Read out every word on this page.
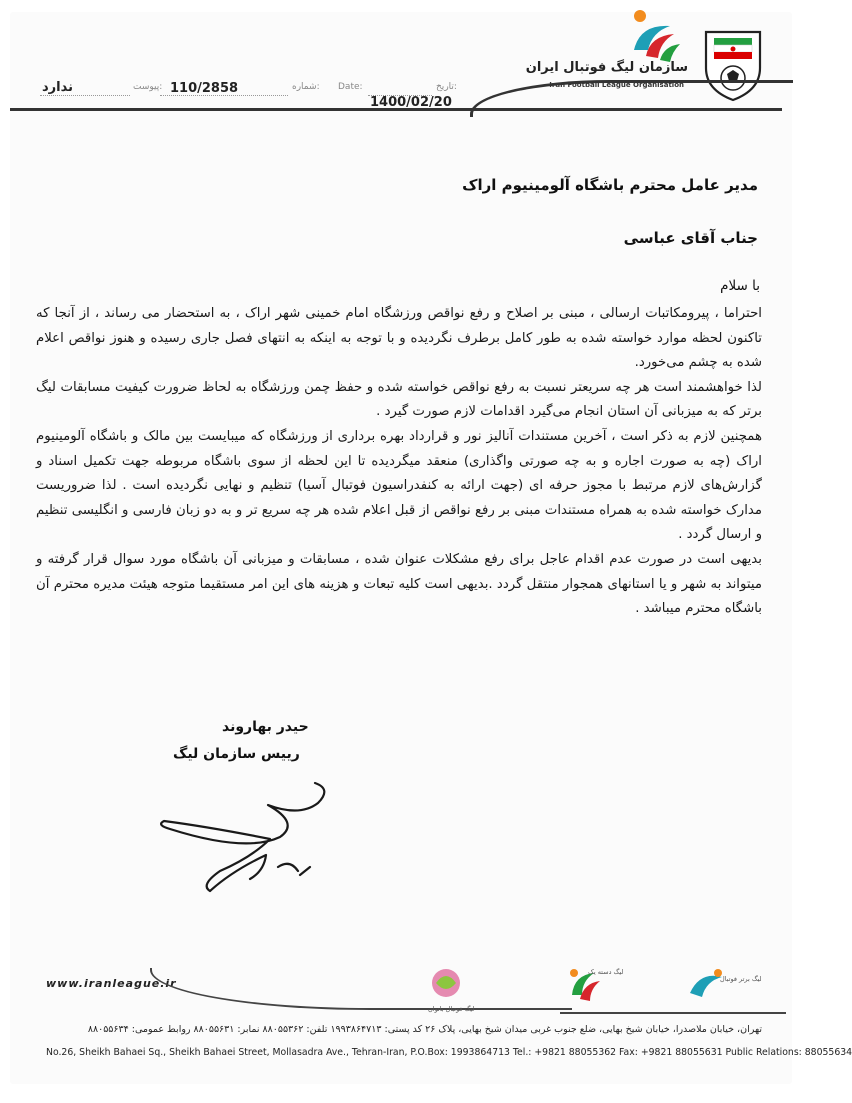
سازمان لیگ فوتبال ایران
Iran Football League Organisation
تاریخ:
Date:
1400/02/20
شماره:
110/2858
پیوست:
ندارد
مدیر عامل محترم باشگاه آلومینیوم اراک
جناب آقای عباسی
با سلام

احتراما ، پیرومکاتبات ارسالی ، مبنی بر اصلاح و رفع نواقص ورزشگاه امام خمینی شهر اراک ، به استحضار می رساند ، از آنجا که تاکنون لحظه موارد خواسته شده به طور کامل برطرف نگردیده و با توجه به اینکه به انتهای فصل جاری رسیده و هنوز نواقص اعلام شده به چشم می‌خورد.

لذا خواهشمند است هر چه سریعتر نسبت به رفع نواقص خواسته شده و حفظ چمن ورزشگاه به لحاظ ضرورت کیفیت مسابقات لیگ برتر که به میزبانی آن استان انجام می‌گیرد اقدامات لازم صورت گیرد .

همچنین لازم به ذکر است ، آخرین مستندات آنالیز نور و قرارداد بهره برداری از ورزشگاه که میبایست بین مالک و باشگاه آلومینیوم اراک (چه به صورت اجاره و به چه صورتی واگذاری) منعقد میگردیده تا این لحظه از سوی باشگاه مربوطه جهت تکمیل اسناد و گزارش‌های لازم مرتبط با مجوز حرفه ای (جهت ارائه به کنفدراسیون فوتبال آسیا) تنظیم و نهایی نگردیده است . لذا ضروریست مدارک خواسته شده به همراه مستندات مبنی بر رفع نواقص از قبل اعلام شده هر چه سریع تر و به دو زبان فارسی و انگلیسی تنظیم و ارسال گردد .

بدیهی است در صورت عدم اقدام عاجل برای رفع مشکلات عنوان شده ، مسابقات و میزبانی آن باشگاه مورد سوال قرار گرفته و میتواند به شهر و یا استانهای همجوار منتقل گردد .بدیهی است کلیه تبعات و هزینه های این امر مستقیما متوجه هیئت مدیره محترم آن باشگاه محترم میباشد .

حیدر بهاروند
رییس سازمان لیگ
www.iranleague.ir
لیگ فوتبال بانوان
لیگ دسته یک
لیگ برتر فوتبال
تهران، خیابان ملاصدرا، خیابان شیخ بهایی، ضلع جنوب غربی میدان شیخ بهایی، پلاک ۲۶ کد پستی: ۱۹۹۳۸۶۴۷۱۳ تلفن: ۸۸۰۵۵۳۶۲ نمابر: ۸۸۰۵۵۶۳۱ روابط عمومی: ۸۸۰۵۵۶۳۴
No.26, Sheikh Bahaei Sq., Sheikh Bahaei Street, Mollasadra Ave., Tehran-Iran, P.O.Box: 1993864713 Tel.: +9821 88055362 Fax: +9821 88055631 Public Relations: 88055634
